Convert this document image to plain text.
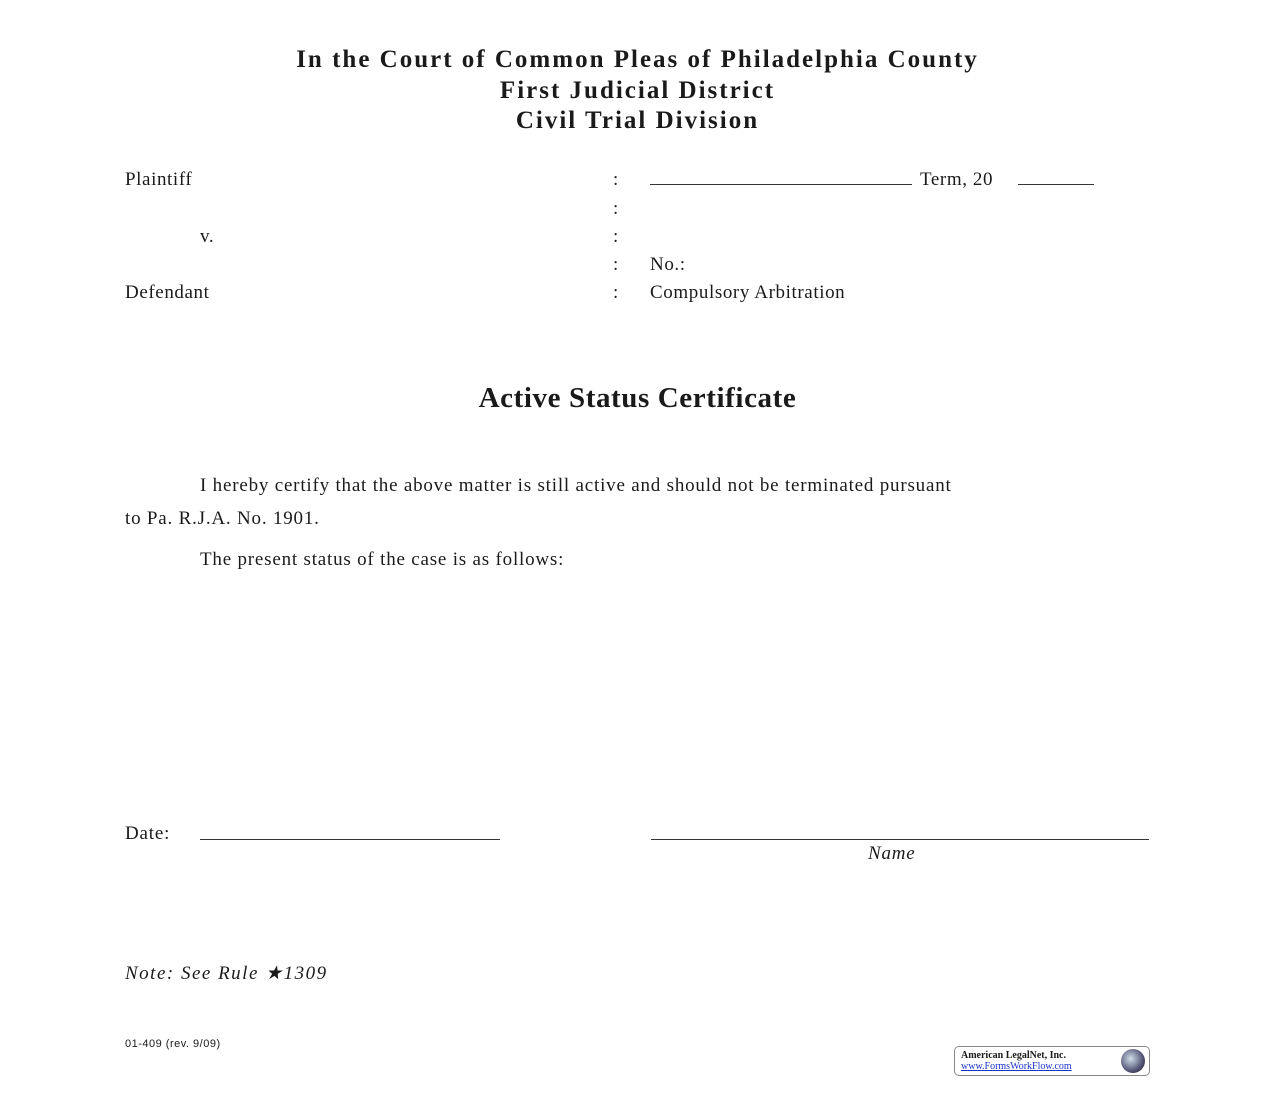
In the Court of Common Pleas of Philadelphia County
First Judicial District
Civil Trial Division
Plaintiff
v.
Defendant
:
:
:
:
:
Term, 20
No.:
Compulsory Arbitration
Active Status Certificate
I hereby certify that the above matter is still active and should not be terminated pursuant
to Pa. R.J.A. No. 1901.
The present status of the case is as follows:
Date:
Name
Note: See Rule ★1309
01-409 (rev. 9/09)
American LegalNet, Inc.
www.FormsWorkFlow.com
